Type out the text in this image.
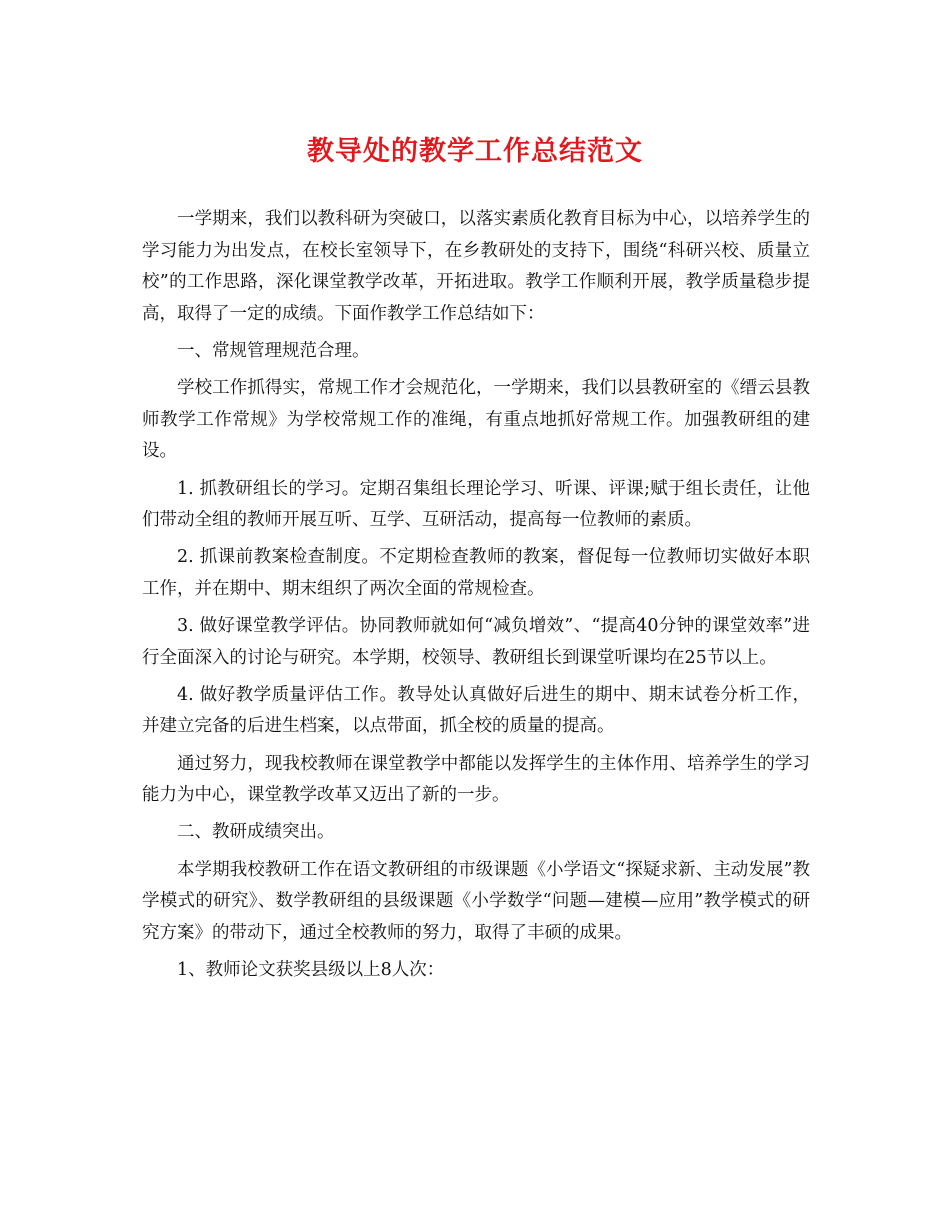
教导处的教学工作总结范文

一学期来，我们以教科研为突破口，以落实素质化教育目标为中心，以培养学生的学习能力为出发点，在校长室领导下，在乡教研处的支持下，围绕“科研兴校、质量立校”的工作思路，深化课堂教学改革，开拓进取。教学工作顺利开展，教学质量稳步提高，取得了一定的成绩。下面作教学工作总结如下：

一、常规管理规范合理。

学校工作抓得实，常规工作才会规范化，一学期来，我们以县教研室的《缙云县教师教学工作常规》为学校常规工作的准绳，有重点地抓好常规工作。加强教研组的建设。

1. 抓教研组长的学习。定期召集组长理论学习、听课、评课;赋于组长责任，让他们带动全组的教师开展互听、互学、互研活动，提高每一位教师的素质。

2. 抓课前教案检查制度。不定期检查教师的教案，督促每一位教师切实做好本职工作，并在期中、期末组织了两次全面的常规检查。

3. 做好课堂教学评估。协同教师就如何“减负增效”、“提高40分钟的课堂效率”进行全面深入的讨论与研究。本学期，校领导、教研组长到课堂听课均在25节以上。

4. 做好教学质量评估工作。教导处认真做好后进生的期中、期末试卷分析工作，并建立完备的后进生档案，以点带面，抓全校的质量的提高。

通过努力，现我校教师在课堂教学中都能以发挥学生的主体作用、培养学生的学习能力为中心，课堂教学改革又迈出了新的一步。

二、教研成绩突出。

本学期我校教研工作在语文教研组的市级课题《小学语文“探疑求新、主动发展”教学模式的研究》、数学教研组的县级课题《小学数学“问题—建模—应用”教学模式的研究方案》的带动下，通过全校教师的努力，取得了丰硕的成果。

1、教师论文获奖县级以上8人次：
